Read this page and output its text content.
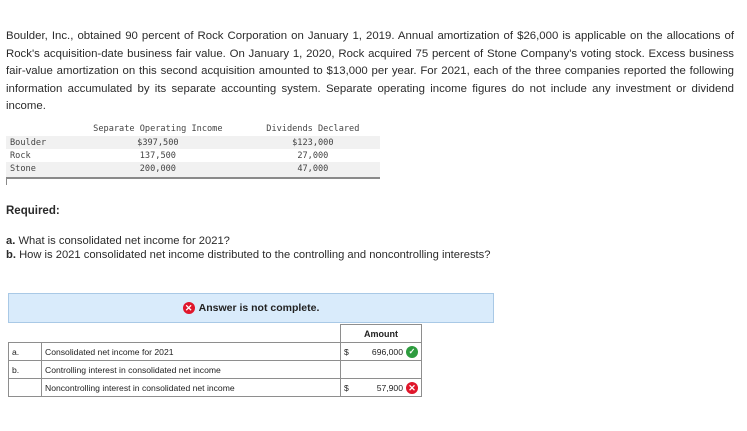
Boulder, Inc., obtained 90 percent of Rock Corporation on January 1, 2019. Annual amortization of $26,000 is applicable on the allocations of Rock's acquisition-date business fair value. On January 1, 2020, Rock acquired 75 percent of Stone Company's voting stock. Excess business fair-value amortization on this second acquisition amounted to $13,000 per year. For 2021, each of the three companies reported the following information accumulated by its separate accounting system. Separate operating income figures do not include any investment or dividend income.
	Separate Operating Income	Dividends Declared
Boulder	$397,500	$123,000
Rock	137,500	27,000
Stone	200,000	47,000
Required:
a. What is consolidated net income for 2021?
b. How is 2021 consolidated net income distributed to the controlling and noncontrolling interests?
✕ Answer is not complete.
		Amount
a.	Consolidated net income for 2021	$ 696,000 ✓

b.	Controlling interest in consolidated net income	

	Noncontrolling interest in consolidated net income	$ 57,900 ✕
